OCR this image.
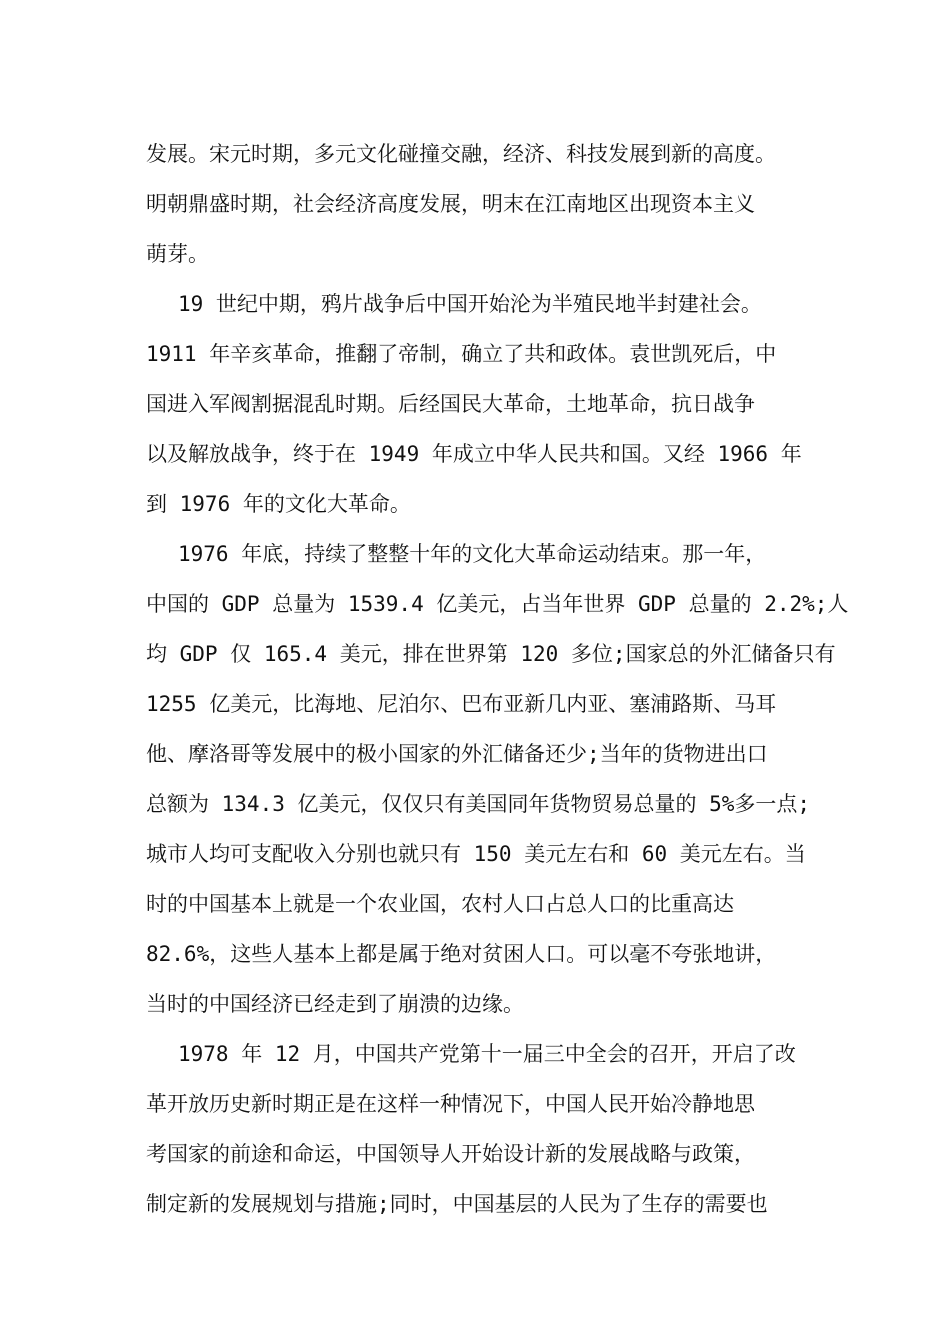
发展。宋元时期，多元文化碰撞交融，经济、科技发展到新的高度。
明朝鼎盛时期，社会经济高度发展，明末在江南地区出现资本主义
萌芽。
19 世纪中期，鸦片战争后中国开始沦为半殖民地半封建社会。
1911 年辛亥革命，推翻了帝制，确立了共和政体。袁世凯死后，中
国进入军阀割据混乱时期。后经国民大革命，土地革命，抗日战争
以及解放战争，终于在 1949 年成立中华人民共和国。又经 1966 年
到 1976 年的文化大革命。
1976 年底，持续了整整十年的文化大革命运动结束。那一年，
中国的 GDP 总量为 1539.4 亿美元，占当年世界 GDP 总量的 2.2%;人
均 GDP 仅 165.4 美元，排在世界第 120 多位;国家总的外汇储备只有
1255 亿美元，比海地、尼泊尔、巴布亚新几内亚、塞浦路斯、马耳
他、摩洛哥等发展中的极小国家的外汇储备还少;当年的货物进出口
总额为 134.3 亿美元，仅仅只有美国同年货物贸易总量的 5%多一点;
城市人均可支配收入分别也就只有 150 美元左右和 60 美元左右。当
时的中国基本上就是一个农业国，农村人口占总人口的比重高达
82.6%，这些人基本上都是属于绝对贫困人口。可以毫不夸张地讲，
当时的中国经济已经走到了崩溃的边缘。
1978 年 12 月，中国共产党第十一届三中全会的召开，开启了改
革开放历史新时期正是在这样一种情况下，中国人民开始冷静地思
考国家的前途和命运，中国领导人开始设计新的发展战略与政策，
制定新的发展规划与措施;同时，中国基层的人民为了生存的需要也
